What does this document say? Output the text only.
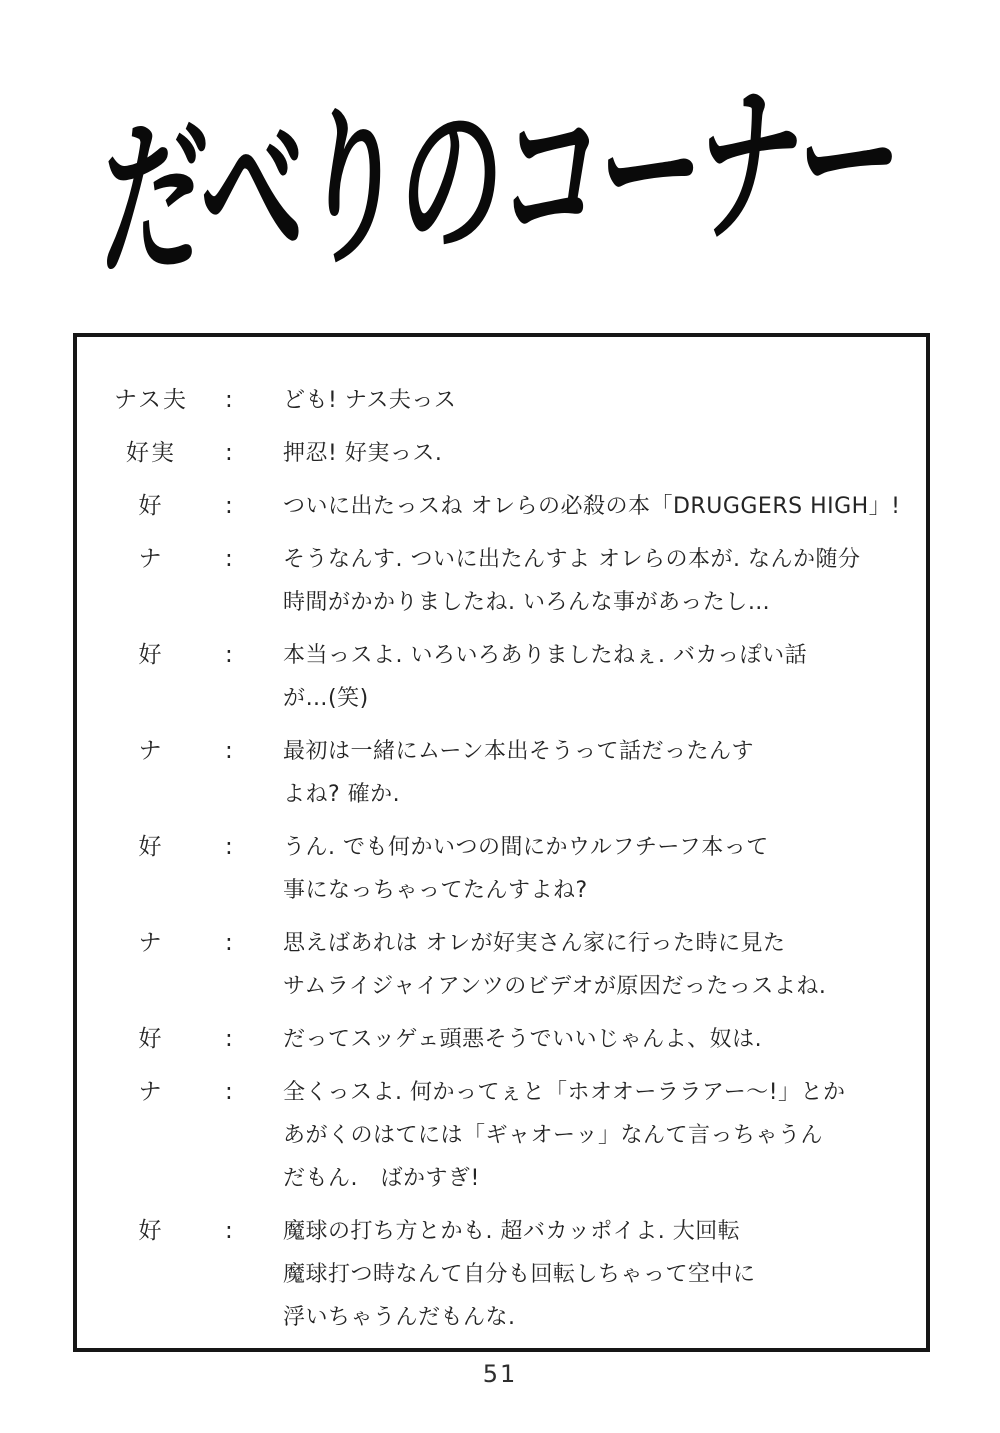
だべりのコーナー
ナス夫	:	ども! ナス夫っス
好実	:	押忍! 好実っス.
好	:	ついに出たっスね オレらの必殺の本「DRUGGERS HIGH」!
ナ	:	そうなんす. ついに出たんすよ オレらの本が. なんか随分
時間がかかりましたね. いろんな事があったし…
好	:	本当っスよ. いろいろありましたねぇ. バカっぽい話
が…(笑)
ナ	:	最初は一緒にムーン本出そうって話だったんす
よね? 確か.
好	:	うん. でも何かいつの間にかウルフチーフ本って
事になっちゃってたんすよね?
ナ	:	思えばあれは オレが好実さん家に行った時に見た
サムライジャイアンツのビデオが原因だったっスよね.
好	:	だってスッゲェ頭悪そうでいいじゃんよ、奴は.
ナ	:	全くっスよ. 何かってぇと「ホオオーララアー〜!」とか
あがくのはてには「ギャオーッ」なんて言っちゃうん
だもん.　ばかすぎ!
好	:	魔球の打ち方とかも. 超バカッポイよ. 大回転
魔球打つ時なんて自分も回転しちゃって空中に
浮いちゃうんだもんな.
51
